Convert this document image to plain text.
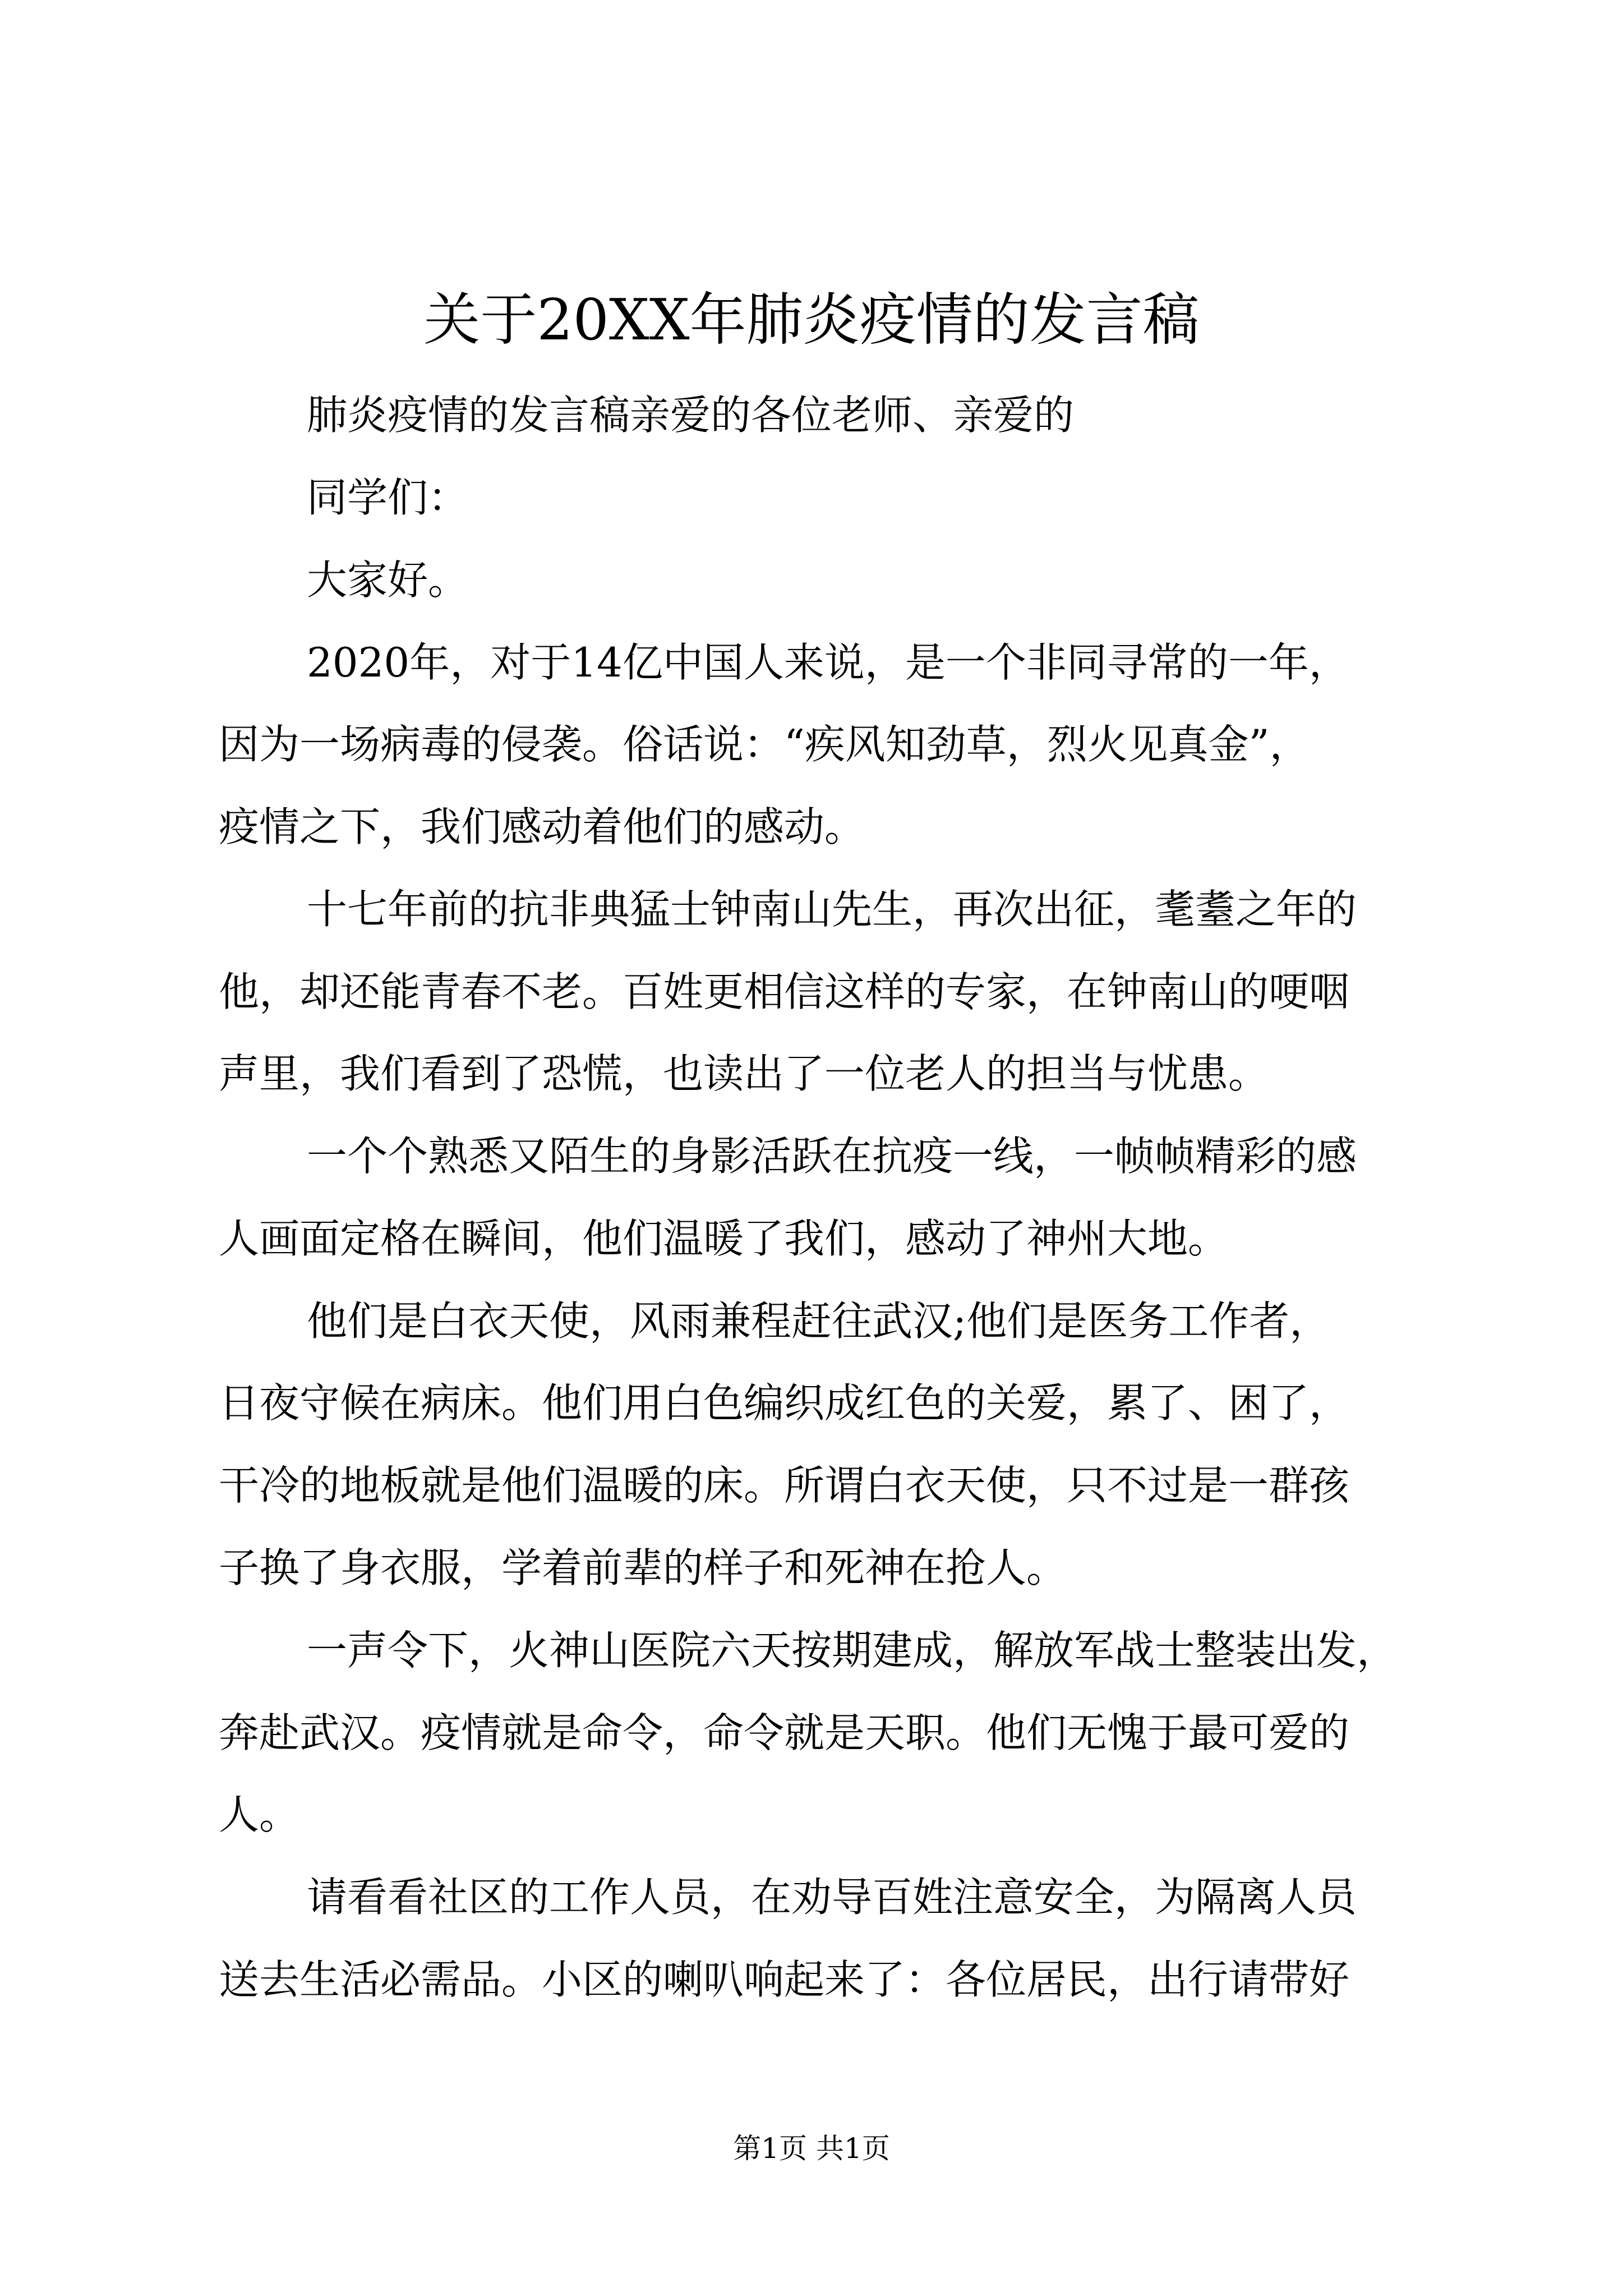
关于20XX年肺炎疫情的发言稿

肺炎疫情的发言稿亲爱的各位老师、亲爱的

同学们：

大家好。

2020年，对于14亿中国人来说，是一个非同寻常的一年，

因为一场病毒的侵袭。俗话说：“疾风知劲草，烈火见真金”，

疫情之下，我们感动着他们的感动。

十七年前的抗非典猛士钟南山先生，再次出征，耄耋之年的

他，却还能青春不老。百姓更相信这样的专家，在钟南山的哽咽

声里，我们看到了恐慌，也读出了一位老人的担当与忧患。

一个个熟悉又陌生的身影活跃在抗疫一线，一帧帧精彩的感

人画面定格在瞬间，他们温暖了我们，感动了神州大地。

他们是白衣天使，风雨兼程赶往武汉;他们是医务工作者，

日夜守候在病床。他们用白色编织成红色的关爱，累了、困了，

干冷的地板就是他们温暖的床。所谓白衣天使，只不过是一群孩

子换了身衣服，学着前辈的样子和死神在抢人。

一声令下，火神山医院六天按期建成，解放军战士整装出发，

奔赴武汉。疫情就是命令，命令就是天职。他们无愧于最可爱的

人。

请看看社区的工作人员，在劝导百姓注意安全，为隔离人员

送去生活必需品。小区的喇叭响起来了：各位居民，出行请带好

第1页 共1页
